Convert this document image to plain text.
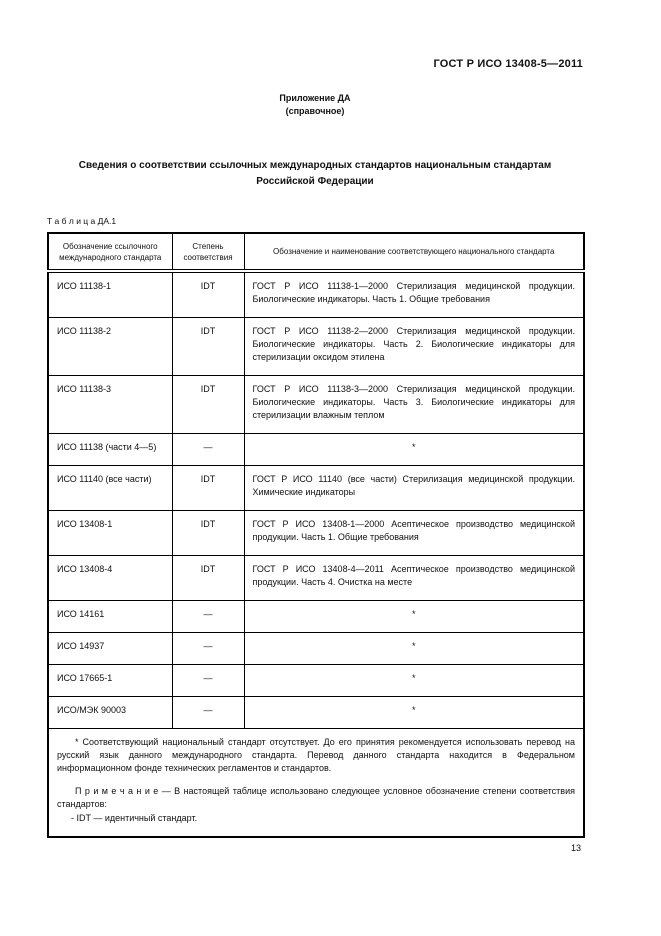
ГОСТ Р ИСО 13408-5—2011
Приложение ДА
(справочное)
Сведения о соответствии ссылочных международных стандартов национальным стандартам
Российской Федерации
Т а б л и ц а ДА.1
Обозначение ссылочного международного стандарта	Степень соответствия	Обозначение и наименование соответствующего национального стандарта
ИСО 11138-1	IDT	ГОСТ Р ИСО 11138-1—2000 Стерилизация медицинской продукции. Биологические индикаторы. Часть 1. Общие требования
ИСО 11138-2	IDT	ГОСТ Р ИСО 11138-2—2000 Стерилизация медицинской продукции. Биологические индикаторы. Часть 2. Биологические индикаторы для стерилизации оксидом этилена
ИСО 11138-3	IDT	ГОСТ Р ИСО 11138-3—2000 Стерилизация медицинской продукции. Биологические индикаторы. Часть 3. Биологические индикаторы для стерилизации влажным теплом
ИСО 11138 (части 4—5)	—	*
ИСО 11140 (все части)	IDT	ГОСТ Р ИСО 11140 (все части) Стерилизация медицинской продукции. Химические индикаторы
ИСО 13408-1	IDT	ГОСТ Р ИСО 13408-1—2000 Асептическое производство медицинской продукции. Часть 1. Общие требования
ИСО 13408-4	IDT	ГОСТ Р ИСО 13408-4—2011 Асептическое производство медицинской продукции. Часть 4. Очистка на месте
ИСО 14161	—	*
ИСО 14937	—	*
ИСО 17665-1	—	*
ИСО/МЭК 90003	—	*

* Соответствующий национальный стандарт отсутствует. До его принятия рекомендуется использовать перевод на русский язык данного международного стандарта. Перевод данного стандарта находится в Федеральном информационном фонде технических регламентов и стандартов.

П р и м е ч а н и е — В настоящей таблице использовано следующее условное обозначение степени соответствия стандартов:

- IDT — идентичный стандарт.		

13
